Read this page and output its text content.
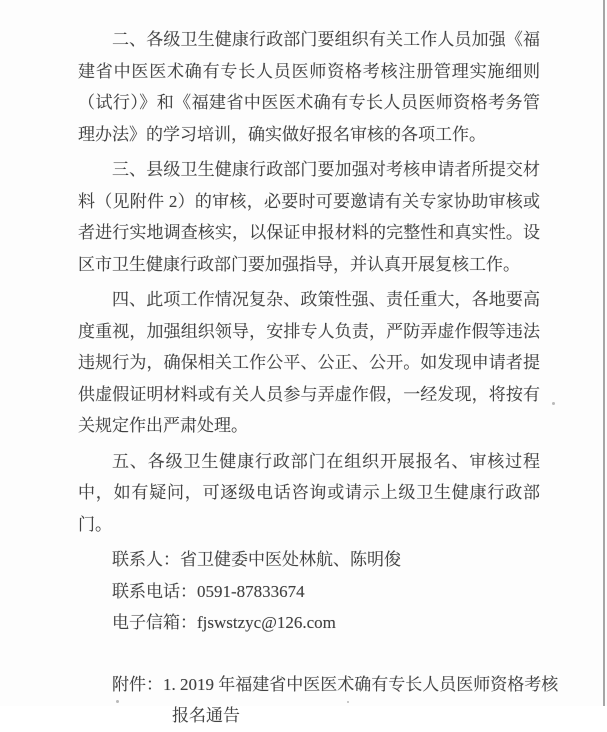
二、各级卫生健康行政部门要组织有关工作人员加强《福建省中医医术确有专长人员医师资格考核注册管理实施细则（试行）》和《福建省中医医术确有专长人员医师资格考务管理办法》的学习培训，确实做好报名审核的各项工作。

三、县级卫生健康行政部门要加强对考核申请者所提交材料（见附件 2）的审核，必要时可要邀请有关专家协助审核或者进行实地调查核实，以保证申报材料的完整性和真实性。设区市卫生健康行政部门要加强指导，并认真开展复核工作。

四、此项工作情况复杂、政策性强、责任重大，各地要高度重视，加强组织领导，安排专人负责，严防弄虚作假等违法违规行为，确保相关工作公平、公正、公开。如发现申请者提供虚假证明材料或有关人员参与弄虚作假，一经发现，将按有关规定作出严肃处理。

五、各级卫生健康行政部门在组织开展报名、审核过程中，如有疑问，可逐级电话咨询或请示上级卫生健康行政部门。

联系人：省卫健委中医处林航、陈明俊
联系电话：0591-87833674
电子信箱：fjswstzyc@126.com
附件：1. 2019 年福建省中医医术确有专长人员医师资格考核
报名通告
